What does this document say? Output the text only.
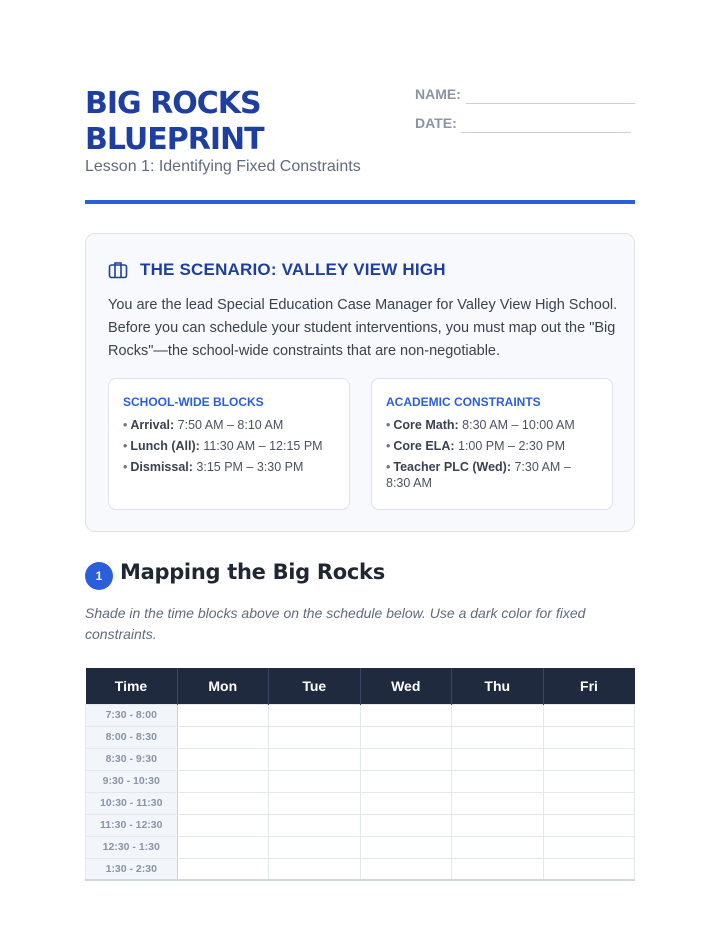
BIG ROCKS
BLUEPRINT
Lesson 1: Identifying Fixed Constraints
NAME:
DATE:
THE SCENARIO: VALLEY VIEW HIGH

You are the lead Special Education Case Manager for Valley View High School. Before you can schedule your student interventions, you must map out the "Big Rocks"—the school-wide constraints that are non-negotiable.

SCHOOL-WIDE BLOCKS
• Arrival: 7:50 AM – 8:10 AM
• Lunch (All): 11:30 AM – 12:15 PM
• Dismissal: 3:15 PM – 3:30 PM
ACADEMIC CONSTRAINTS
• Core Math: 8:30 AM – 10:00 AM
• Core ELA: 1:00 PM – 2:30 PM
• Teacher PLC (Wed): 7:30 AM – 8:30 AM
1 Mapping the Big Rocks

Shade in the time blocks above on the schedule below. Use a dark color for fixed constraints.

Time	Mon	Tue	Wed	Thu	Fri
7:30 - 8:00					
8:00 - 8:30					
8:30 - 9:30					
9:30 - 10:30					
10:30 - 11:30					
11:30 - 12:30					
12:30 - 1:30					
1:30 - 2:30					
